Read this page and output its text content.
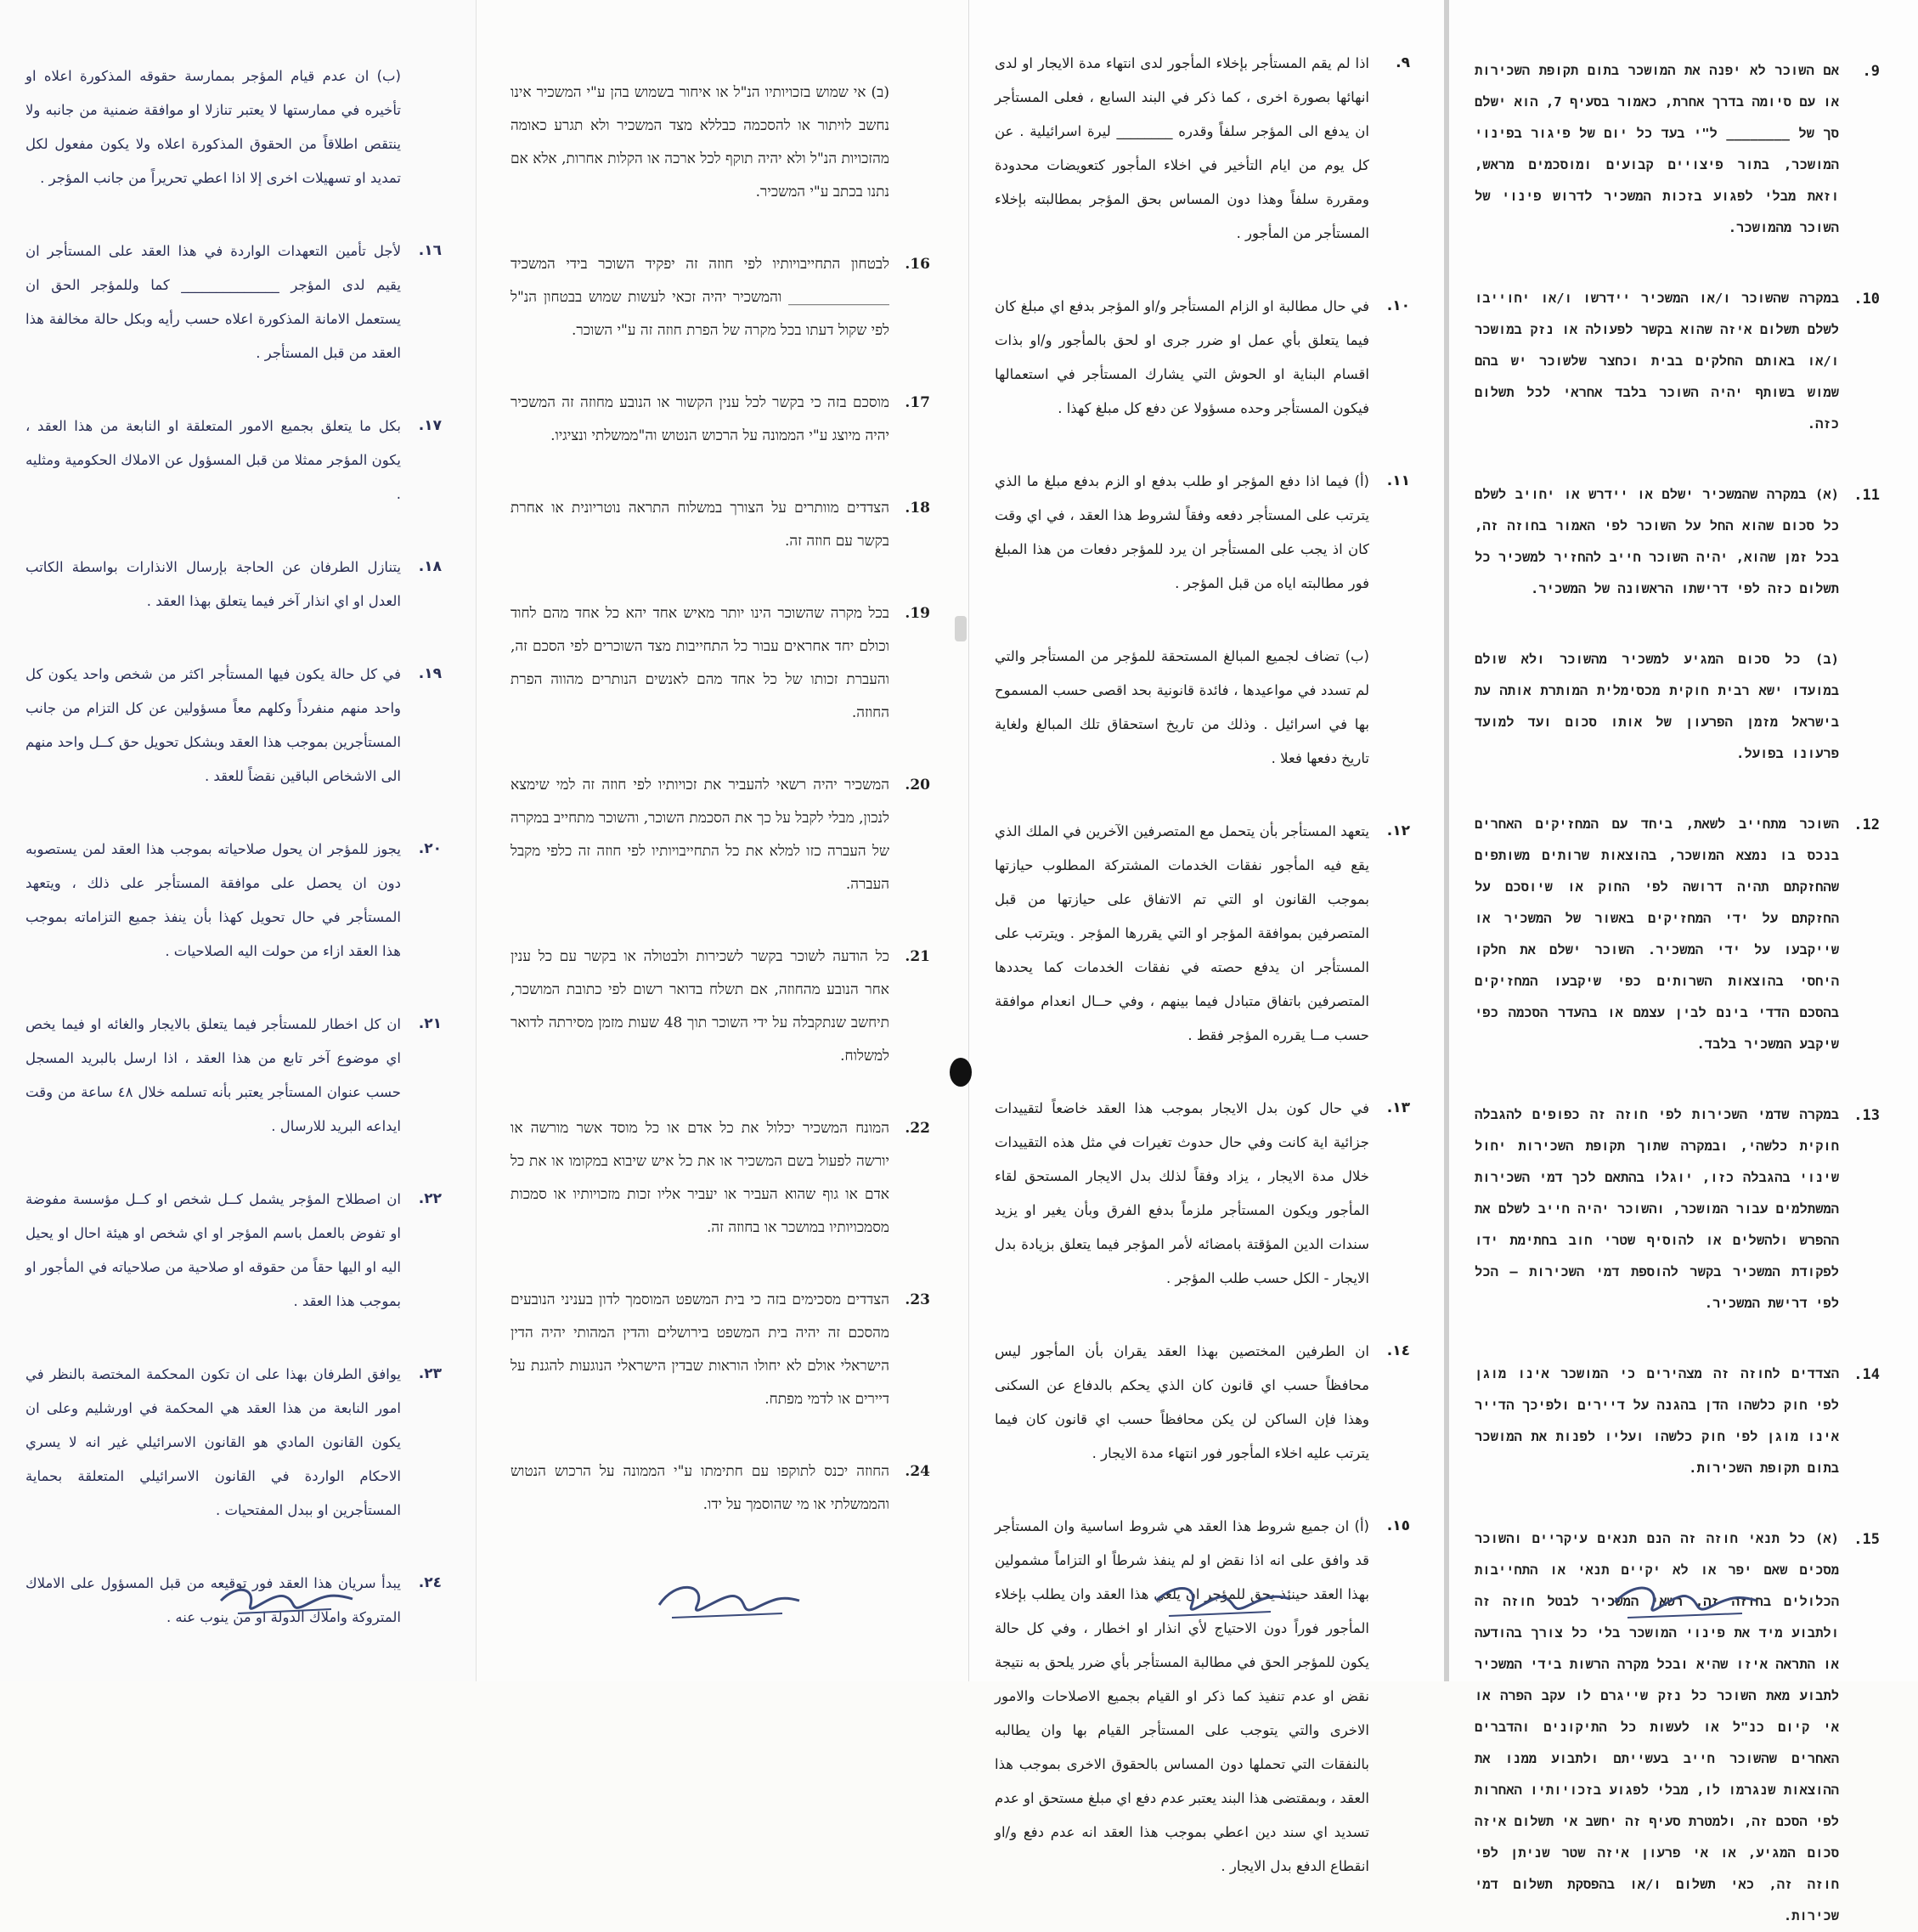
(ب) ان عدم قيام المؤجر بممارسة حقوقه المذكورة اعلاه او تأخيره في ممارستها لا يعتبر تنازلا او موافقة ضمنية من جانبه ولا ينتقص اطلاقاً من الحقوق المذكورة اعلاه ولا يكون مفعول لكل تمديد او تسهيلات اخرى إلا اذا اعطي تحريراً من جانب المؤجر .
١٦.
لأجل تأمين التعهدات الواردة في هذا العقد على المستأجر ان يقيم لدى المؤجر ______________ كما وللمؤجر الحق ان يستعمل الامانة المذكورة اعلاه حسب رأيه وبكل حالة مخالفة هذا العقد من قبل المستأجر .
١٧.
بكل ما يتعلق بجميع الامور المتعلقة او النابعة من هذا العقد ، يكون المؤجر ممثلا من قبل المسؤول عن الاملاك الحكومية ومثليه .
١٨.
يتنازل الطرفان عن الحاجة بإرسال الانذارات بواسطة الكاتب العدل او اي انذار آخر فيما يتعلق بهذا العقد .
١٩.
في كل حالة يكون فيها المستأجر اكثر من شخص واحد يكون كل واحد منهم منفرداً وكلهم معاً مسؤولين عن كل التزام من جانب المستأجرين بموجب هذا العقد وبشكل تحويل حق كــل واحد منهم الى الاشخاص الباقين نقضاً للعقد .
٢٠.
يجوز للمؤجر ان يحول صلاحياته بموجب هذا العقد لمن يستصوبه دون ان يحصل على موافقة المستأجر على ذلك ، ويتعهد المستأجر في حال تحويل كهذا بأن ينفذ جميع التزاماته بموجب هذا العقد ازاء من حولت اليه الصلاحيات .
٢١.
ان كل اخطار للمستأجر فيما يتعلق بالايجار والغائه او فيما يخص اي موضوع آخر تابع من هذا العقد ، اذا ارسل بالبريد المسجل حسب عنوان المستأجر يعتبر بأنه تسلمه خلال ٤٨ ساعة من وقت ايداعه البريد للارسال .
٢٢.
ان اصطلاح المؤجر يشمل كــل شخص او كــل مؤسسة مفوضة او تفوض بالعمل باسم المؤجر او اي شخص او هيئة احال او يحيل اليه او اليها حقاً من حقوقه او صلاحية من صلاحياته في المأجور او بموجب هذا العقد .
٢٣.
يوافق الطرفان بهذا على ان تكون المحكمة المختصة بالنظر في امور النابعة من هذا العقد هي المحكمة في اورشليم وعلى ان يكون القانون المادي هو القانون الاسرائيلي غير انه لا يسري الاحكام الواردة في القانون الاسرائيلي المتعلقة بحماية المستأجرين او ببدل المفتحيات .
٢٤.
يبدأ سريان هذا العقد فور توقيعه من قبل المسؤول على الاملاك المتروكة واملاك الدولة او من ينوب عنه .
(ב) אי שמוש בזכויותיו הנ"ל או איחור בשמוש בהן ע"י המשכיר אינו נחשב לויתור או להסכמה כבללא מצד המשכיר ולא תגרע כאומה מהזכויות הנ"ל ולא יהיה תוקף לכל ארכה או הקלות אחרות, אלא אם נתנו בכתב ע"י המשכיר.
16.
לבטחון התחייבויותיו לפי חוזה זה יפקיד השוכר בידי המשכיד ______________ והמשכיר יהיה זכאי לעשות שמוש בבטחון הנ"ל לפי שקול דעתו בכל מקרה של הפרת חוזה זה ע"י השוכר.
17.
מוסכם בזה כי בקשר לכל ענין הקשור או הנובע מחוזה זה המשכיר יהיה מיוצג ע"י הממונה על הרכוש הנטוש וה"ממשלתי ונציגיו.
18.
הצדדים מוותרים על הצורך במשלוח התראה נוטריונית או אחרת בקשר עם חוזה זה.
19.
בכל מקרה שהשוכר הינו יותר מאיש אחד יהא כל אחד מהם לחוד וכולם יחד אחראים עבור כל התחייבות מצד השוכרים לפי הסכם זה, והעברת זכותו של כל אחד מהם לאנשים הנותרים מהווה הפרת החוזה.
20.
המשכיר יהיה רשאי להעביר את זכויותיו לפי חוזה זה למי שימצא לנכון, מבלי לקבל על כך את הסכמת השוכר, והשוכר מתחייב במקרה של העברה כזו למלא את כל התחייבויותיו לפי חוזה זה כלפי מקבל העברה.
21.
כל הודעה לשוכר בקשר לשכירות ולבטולה או בקשר עם כל ענין אחר הנובע מהחוזה, אם תשלח בדואר רשום לפי כתובת המושכר, תיחשב שנתקבלה על ידי השוכר תוך 48 שעות מזמן מסירתה לדואר למשלוח.
22.
המונח המשכיר יכלול את כל אדם או כל מוסד אשר מורשה או יורשה לפעול בשם המשכיר או את כל איש שיבוא במקומו או את כל אדם או גוף שהוא העביר או יעביר אליו זכות מזכויותיו או סמכות מסמכויותיו במושכר או בחוזה זה.
23.
הצדדים מסכימים בזה כי בית המשפט המוסמך לדון בעניני הנובעים מהסכם זה יהיה בית המשפט בירושלים והדין המהותי יהיה הדין הישראלי אולם לא יחולו הוראות שבדין הישראלי הנוגעות להגנת על דיירים או לדמי מפתח.
24.
החוזה יכנס לתוקפו עם חתימתו ע"י הממונה על הרכוש הנטוש והממשלתי או מי שהוסמך על ידו.
٩.
اذا لم يقم المستأجر بإخلاء المأجور لدى انتهاء مدة الايجار او لدى انهائها بصورة اخرى ، كما ذكر في البند السابع ، فعلى المستأجر ان يدفع الى المؤجر سلفاً وقدره ________ ليرة اسرائيلية . عن كل يوم من ايام التأخير في اخلاء المأجور كتعويضات محدودة ومقررة سلفاً وهذا دون المساس بحق المؤجر بمطالبته بإخلاء المستأجر من المأجور .
١٠.
في حال مطالبة او الزام المستأجر و/او المؤجر بدفع اي مبلغ كان فيما يتعلق بأي عمل او ضرر جرى او لحق بالمأجور و/او بذات اقسام البناية او الحوش التي يشارك المستأجر في استعمالها فيكون المستأجر وحده مسؤولا عن دفع كل مبلغ كهذا .
١١.
(أ) فيما اذا دفع المؤجر او طلب بدفع او الزم بدفع مبلغ ما الذي يترتب على المستأجر دفعه وفقاً لشروط هذا العقد ، في اي وقت كان اذ يجب على المستأجر ان يرد للمؤجر دفعات من هذا المبلغ فور مطالبته اياه من قبل المؤجر .
(ب) تضاف لجميع المبالغ المستحقة للمؤجر من المستأجر والتي لم تسدد في مواعيدها ، فائدة قانونية بحد اقصى حسب المسموح بها في اسرائيل . وذلك من تاريخ استحقاق تلك المبالغ ولغاية تاريخ دفعها فعلا .
١٢.
يتعهد المستأجر بأن يتحمل مع المتصرفين الآخرين في الملك الذي يقع فيه المأجور نفقات الخدمات المشتركة المطلوب حيازتها بموجب القانون او التي تم الاتفاق على حيازتها من قبل المتصرفين بموافقة المؤجر او التي يقررها المؤجر . ويترتب على المستأجر ان يدفع حصته في نفقات الخدمات كما يحددها المتصرفين باتفاق متبادل فيما بينهم ، وفي حــال انعدام موافقة حسب مــا يقرره المؤجر فقط .
١٣.
في حال كون بدل الايجار بموجب هذا العقد خاضعاً لتقييدات جزائية اية كانت وفي حال حدوث تغيرات في مثل هذه التقييدات خلال مدة الايجار ، يزاد وفقاً لذلك بدل الايجار المستحق لقاء المأجور ويكون المستأجر ملزماً بدفع الفرق وبأن يغير او يزيد سندات الدين المؤقتة بامضائه لأمر المؤجر فيما يتعلق بزيادة بدل الايجار - الكل حسب طلب المؤجر .
١٤.
ان الطرفين المختصين بهذا العقد يقران بأن المأجور ليس محافظاً حسب اي قانون كان الذي يحكم بالدفاع عن السكنى وهذا فإن الساكن لن يكن محافظاً حسب اي قانون كان فيما يترتب عليه اخلاء المأجور فور انتهاء مدة الايجار .
١٥.
(أ) ان جميع شروط هذا العقد هي شروط اساسية وان المستأجر قد وافق على انه اذا نقض او لم ينفذ شرطاً او التزاماً مشمولين بهذا العقد حينئذ يحق للمؤجر ان يلغي هذا العقد وان يطلب بإخلاء المأجور فوراً دون الاحتياج لأي انذار او اخطار ، وفي كل حالة يكون للمؤجر الحق في مطالبة المستأجر بأي ضرر يلحق به نتيجة نقض او عدم تنفيذ كما ذكر او القيام بجميع الاصلاحات والامور الاخرى والتي يتوجب على المستأجر القيام بها وان يطالبه بالنفقات التي تحملها دون المساس بالحقوق الاخرى بموجب هذا العقد ، وبمقتضى هذا البند يعتبر عدم دفع اي مبلغ مستحق او عدم تسديد اي سند دين اعطي بموجب هذا العقد انه عدم دفع و/او انقطاع الدفع بدل الايجار .
9.
אם השוכר לא יפנה את המושכר בתום תקופת השכירות או עם סיומה בדרך אחרת, כאמור בסעיף 7, הוא ישלם סך של ________ ל"י בעד כל יום של פיגור בפינוי המושכר, בתור פיצויים קבועים ומוסכמים מראש, וזאת מבלי לפגוע בזכות המשכיר לדרוש פינוי של השוכר מהמושכר.
10.
במקרה שהשוכר ו/או המשכיר יידרשו ו/או יחוייבו לשלם תשלום איזה שהוא בקשר לפעולה או נזק במושכר ו/או באותם החלקים בבית וכחצר שלשוכר יש בהם שמוש בשותף יהיה השוכר בלבד אחראי לכל תשלום כזה.
11.
(א) במקרה שהמשכיר ישלם או יידרש או יחויב לשלם כל סכום שהוא החל על השוכר לפי האמור בחוזה זה, בכל זמן שהוא, יהיה השוכר חייב להחזיר למשכיר כל תשלום כזה לפי דרישתו הראשונה של המשכיר.
(ב) כל סכום המגיע למשכיר מהשוכר ולא שולם במועדו ישא רבית חוקית מכסימלית המותרת אותה עת בישראל מזמן הפרעון של אותו סכום ועד למועד פרעונו בפועל.
12.
השוכר מתחייב לשאת, ביחד עם המחזיקים האחרים בנכס בו נמצא המושכר, בהוצאות שרותים משותפים שהחזקתם תהיה דרושה לפי החוק או שיוסכם על החזקתם על ידי המחזיקים באשור של המשכיר או שייקבעו על ידי המשכיר. השוכר ישלם את חלקו היחסי בהוצאות השרותים כפי שיקבעו המחזיקים בהסכם הדדי בינם לבין עצמם או בהעדר הסכמה כפי שיקבע המשכיר בלבד.
13.
במקרה שדמי השכירות לפי חוזה זה כפופים להגבלה חוקית כלשהי, ובמקרה שתוך תקופת השכירות יחול שינוי בהגבלה כזו, יוגלו בהתאם לכך דמי השכירות המשתלמים עבור המושכר, והשוכר יהיה חייב לשלם את ההפרש ולהשלים או להוסיף שטרי חוב בחתימת ידו לפקודת המשכיר בקשר להוספת דמי השכירות — הכל לפי דרישת המשכיר.
14.
הצדדים לחוזה זה מצהירים כי המושכר אינו מוגן לפי חוק כלשהו הדן בהגנה על דיירים ולפיכך הדייר אינו מוגן לפי חוק כלשהו ועליו לפנות את המושכר בתום תקופת השכירות.
15.
(א) כל תנאי חוזה זה הנם תנאים עיקריים והשוכר מסכים שאם יפר או לא יקיים תנאי או התחייבות הכלולים בחוזה זה, רשאי המשכיר לבטל חוזה זה ולתבוע מיד את פינוי המושכר בלי כל צורך בהודעה או התראה איזו שהיא ובכל מקרה הרשות בידי המשכיר לתבוע מאת השוכר כל נזק שייגרם לו עקב הפרה או אי קיום כנ"ל או לעשות כל התיקונים והדברים האחרים שהשוכר חייב בעשייתם ולתבוע ממנו את ההוצאות שנגרמו לו, מבלי לפגוע בזכויותיו האחרות לפי הסכם זה, ולמטרת סעיף זה יחשב אי תשלום איזה סכום המגיע, או אי פרעון איזה שטר שניתן לפי חוזה זה, כאי תשלום ו/או בהפסקת תשלום דמי שכירות.
